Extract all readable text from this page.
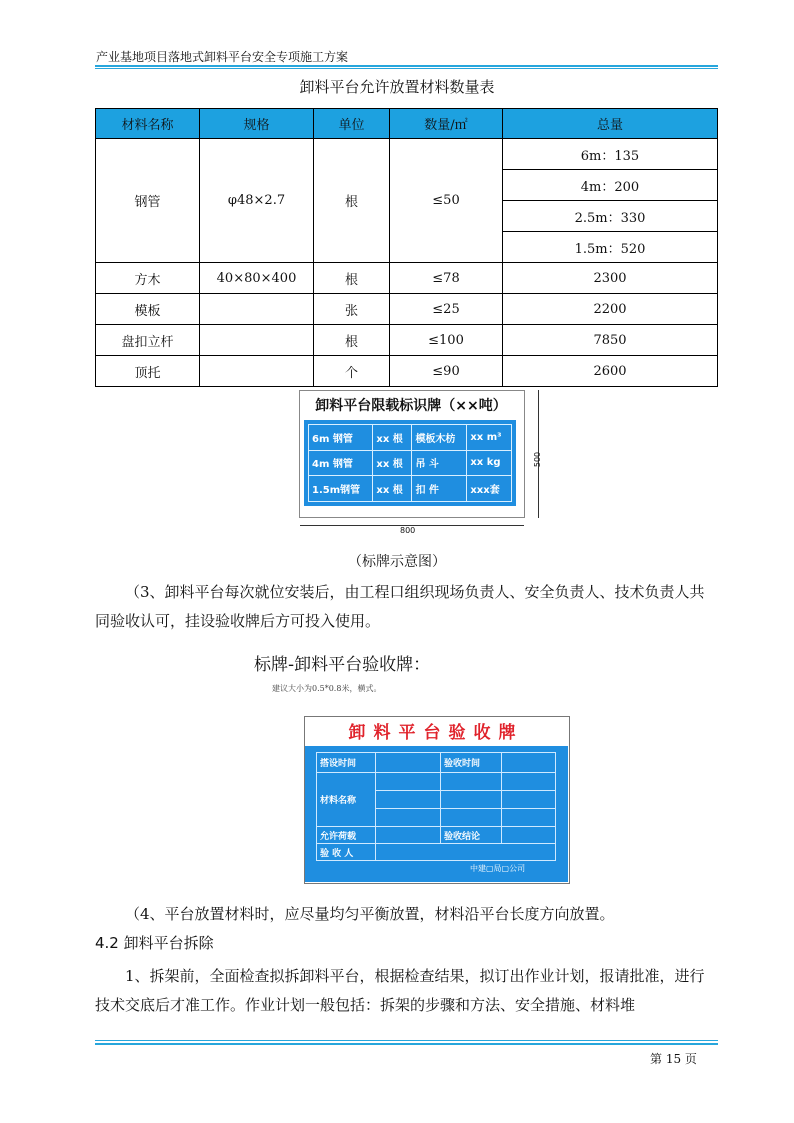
产业基地项目落地式卸料平台安全专项施工方案
卸料平台允许放置材料数量表
材料名称	规格	单位	数量/㎡	总量
钢管	φ48×2.7	根	≤50	6m：135
				4m：200
				2.5m：330
				1.5m：520
方木	40×80×400	根	≤78	2300
模板		张	≤25	2200
盘扣立杆		根	≤100	7850
顶托		个	≤90	2600
卸料平台限载标识牌（××吨）
6m 钢管	xx 根	模板木枋	xx m³
4m 钢管	xx 根	吊 斗	xx kg
1.5m钢管	xx 根	扣 件	xxx套
800
500
（标牌示意图）
（3、卸料平台每次就位安装后，由工程口组织现场负责人、安全负责人、技术负责人共同验收认可，挂设验收牌后方可投入使用。
标牌-卸料平台验收牌：
建议大小为0.5*0.8米，横式。
卸料平台验收牌
搭设时间		验收时间	
材料名称			

允许荷载		验收结论	
验 收 人			
中建▢局▢公司
（4、平台放置材料时，应尽量均匀平衡放置，材料沿平台长度方向放置。
4.2 卸料平台拆除
1、拆架前，全面检查拟拆卸料平台，根据检查结果，拟订出作业计划，报请批准，进行技术交底后才准工作。作业计划一般包括：拆架的步骤和方法、安全措施、材料堆
第 15 页
